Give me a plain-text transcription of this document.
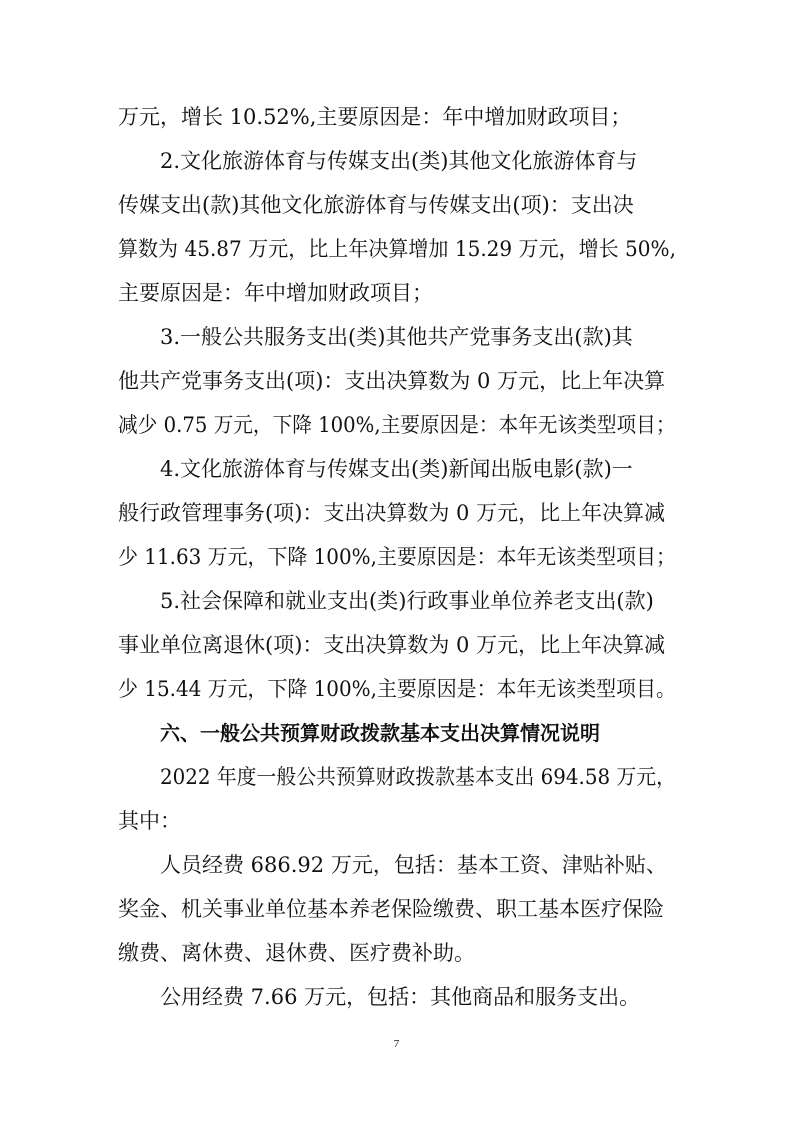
万元，增长 10.52%,主要原因是：年中增加财政项目；

2.文化旅游体育与传媒支出(类)其他文化旅游体育与

传媒支出(款)其他文化旅游体育与传媒支出(项)：支出决

算数为 45.87 万元，比上年决算增加 15.29 万元，增长 50%,

主要原因是：年中增加财政项目；

3.一般公共服务支出(类)其他共产党事务支出(款)其

他共产党事务支出(项)：支出决算数为 0 万元，比上年决算

减少 0.75 万元，下降 100%,主要原因是：本年无该类型项目；

4.文化旅游体育与传媒支出(类)新闻出版电影(款)一

般行政管理事务(项)：支出决算数为 0 万元，比上年决算减

少 11.63 万元，下降 100%,主要原因是：本年无该类型项目；

5.社会保障和就业支出(类)行政事业单位养老支出(款)

事业单位离退休(项)：支出决算数为 0 万元，比上年决算减

少 15.44 万元，下降 100%,主要原因是：本年无该类型项目。

六、一般公共预算财政拨款基本支出决算情况说明

2022 年度一般公共预算财政拨款基本支出 694.58 万元，

其中：

人员经费 686.92 万元，包括：基本工资、津贴补贴、

奖金、机关事业单位基本养老保险缴费、职工基本医疗保险

缴费、离休费、退休费、医疗费补助。

公用经费 7.66 万元，包括：其他商品和服务支出。

7
